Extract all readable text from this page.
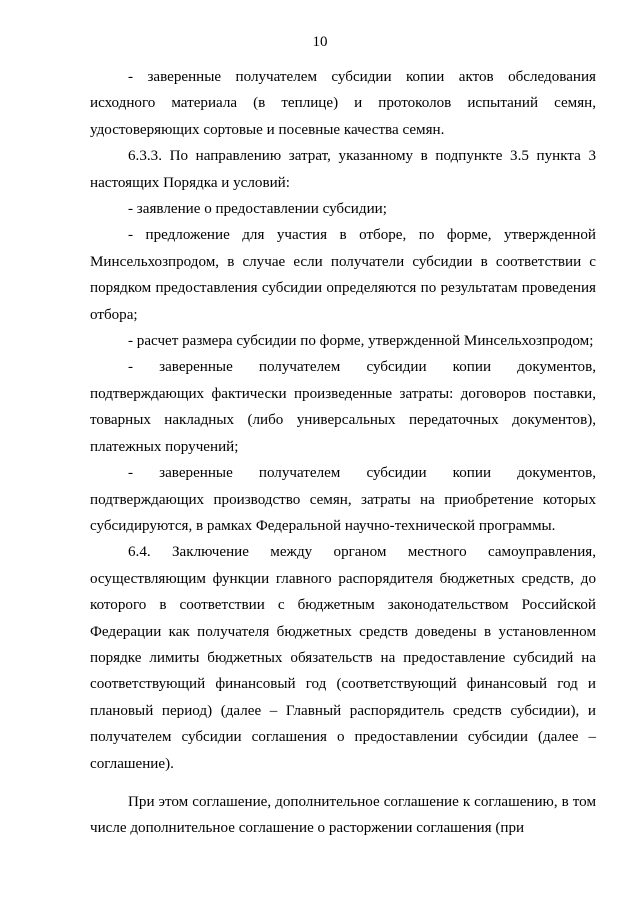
10

- заверенные получателем субсидии копии актов обследования исходного материала (в теплице) и протоколов испытаний семян, удостоверяющих сортовые и посевные качества семян.

6.3.3. По направлению затрат, указанному в подпункте 3.5 пункта 3 настоящих Порядка и условий:

- заявление о предоставлении субсидии;

- предложение для участия в отборе, по форме, утвержденной Минсельхозпродом, в случае если получатели субсидии в соответствии с порядком предоставления субсидии определяются по результатам проведения отбора;

- расчет размера субсидии по форме, утвержденной Минсельхозпродом;

- заверенные получателем субсидии копии документов, подтверждающих фактически произведенные затраты: договоров поставки, товарных накладных (либо универсальных передаточных документов), платежных поручений;

- заверенные получателем субсидии копии документов, подтверждающих производство семян, затраты на приобретение которых субсидируются, в рамках Федеральной научно-технической программы.

6.4. Заключение между органом местного самоуправления, осуществляющим функции главного распорядителя бюджетных средств, до которого в соответствии с бюджетным законодательством Российской Федерации как получателя бюджетных средств доведены в установленном порядке лимиты бюджетных обязательств на предоставление субсидий на соответствующий финансовый год (соответствующий финансовый год и плановый период) (далее – Главный распорядитель средств субсидии), и получателем субсидии соглашения о предоставлении субсидии (далее – соглашение).

При этом соглашение, дополнительное соглашение к соглашению, в том числе дополнительное соглашение о расторжении соглашения (при
